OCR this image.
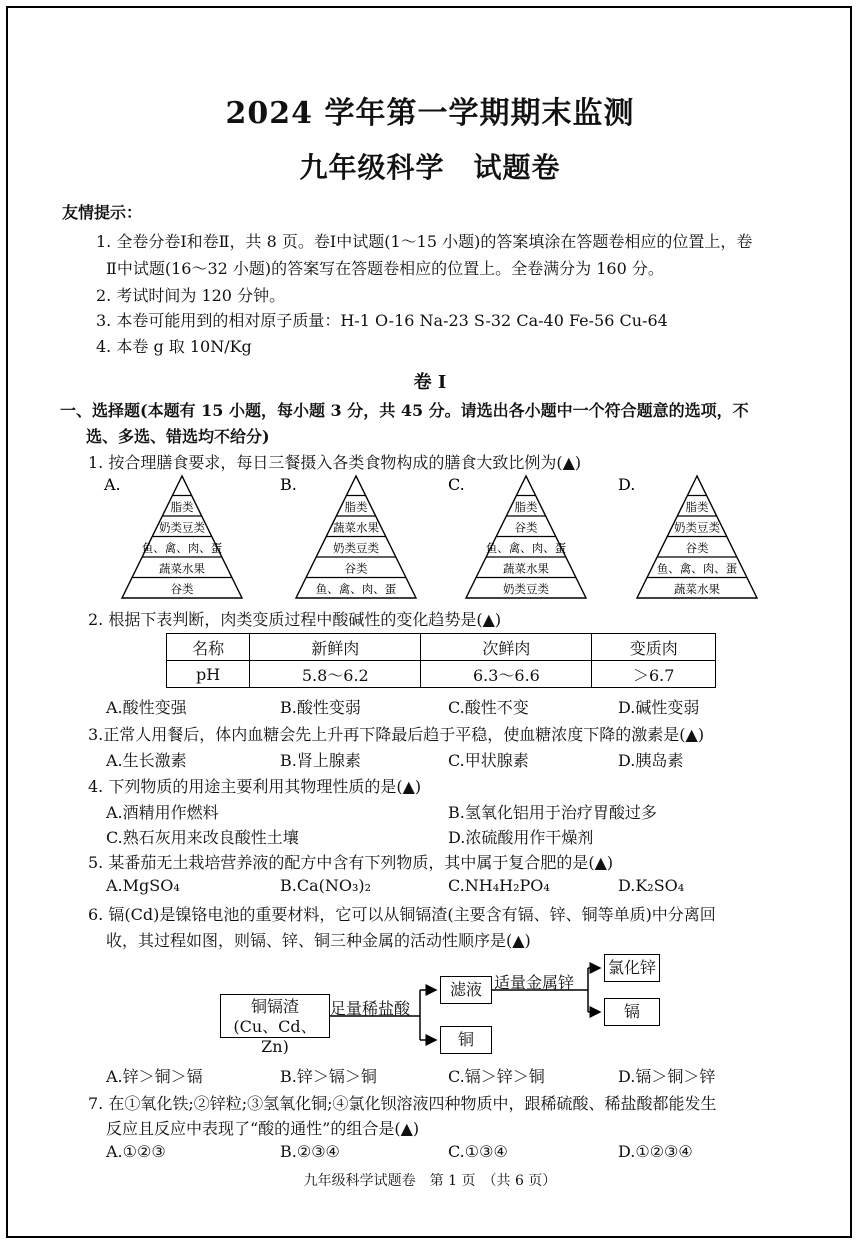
2024 学年第一学期期末监测
九年级科学　试题卷
友情提示：
1. 全卷分卷Ⅰ和卷Ⅱ，共 8 页。卷Ⅰ中试题(1～15 小题)的答案填涂在答题卷相应的位置上，卷
Ⅱ中试题(16～32 小题)的答案写在答题卷相应的位置上。全卷满分为 160 分。
2. 考试时间为 120 分钟。
3. 本卷可能用到的相对原子质量：H-1 O-16 Na-23 S-32 Ca-40 Fe-56 Cu-64
4. 本卷 g 取 10N/Kg
卷 Ⅰ
一、选择题(本题有 15 小题，每小题 3 分，共 45 分。请选出各小题中一个符合题意的选项，不
选、多选、错选均不给分)
1. 按合理膳食要求，每日三餐摄入各类食物构成的膳食大致比例为(▲)
A.
脂类
奶类豆类
鱼、禽、肉、蛋
蔬菜水果
谷类
B.
脂类
蔬菜水果
奶类豆类
谷类
鱼、禽、肉、蛋
C.
脂类
谷类
鱼、禽、肉、蛋
蔬菜水果
奶类豆类
D.
脂类
奶类豆类
谷类
鱼、禽、肉、蛋
蔬菜水果
2. 根据下表判断，肉类变质过程中酸碱性的变化趋势是(▲)
名称	新鲜肉	次鲜肉	变质肉
pH	5.8～6.2	6.3～6.6	＞6.7
A.酸性变强	B.酸性变弱	C.酸性不变	D.碱性变弱
3.正常人用餐后，体内血糖会先上升再下降最后趋于平稳，使血糖浓度下降的激素是(▲)
A.生长激素	B.肾上腺素	C.甲状腺素	D.胰岛素
4. 下列物质的用途主要利用其物理性质的是(▲)
A.酒精用作燃料	B.氢氧化铝用于治疗胃酸过多
C.熟石灰用来改良酸性土壤	D.浓硫酸用作干燥剂
5. 某番茄无土栽培营养液的配方中含有下列物质，其中属于复合肥的是(▲)
A.MgSO₄	B.Ca(NO₃)₂	C.NH₄H₂PO₄	D.K₂SO₄
6. 镉(Cd)是镍铬电池的重要材料，它可以从铜镉渣(主要含有镉、锌、铜等单质)中分离回
收，其过程如图，则镉、锌、铜三种金属的活动性顺序是(▲)
铜镉渣
(Cu、Cd、Zn)
足量稀盐酸
滤液
铜
适量金属锌
氯化锌
镉
A.锌＞铜＞镉	B.锌＞镉＞铜	C.镉＞锌＞铜	D.镉＞铜＞锌
7. 在①氧化铁;②锌粒;③氢氧化铜;④氯化钡溶液四种物质中，跟稀硫酸、稀盐酸都能发生
反应且反应中表现了“酸的通性”的组合是(▲)
A.①②③	B.②③④	C.①③④	D.①②③④
九年级科学试题卷　第 1 页　（共 6 页）
